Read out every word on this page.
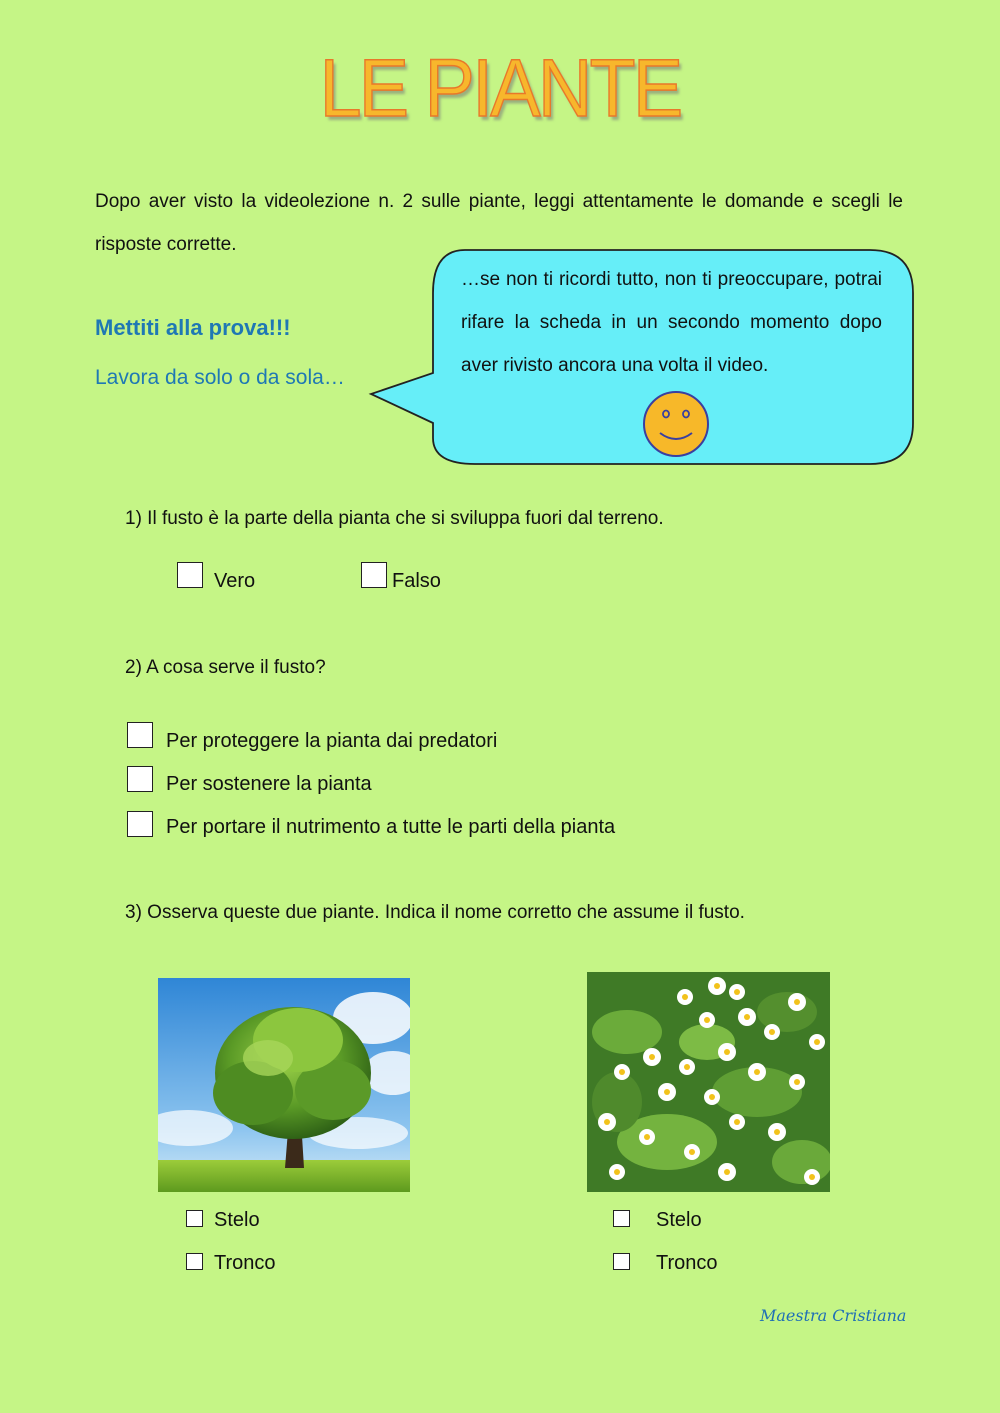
LE PIANTE
Dopo aver visto la videolezione n. 2 sulle piante, leggi attentamente le domande e scegli le risposte corrette.
Mettiti alla prova!!!
Lavora da solo o da sola…
…se non ti ricordi tutto, non ti preoccupare, potrai rifare la scheda in un secondo momento dopo aver rivisto ancora una volta il video.
1) Il fusto è la parte della pianta che si sviluppa fuori dal terreno.
Vero	Falso
2) A cosa serve il fusto?
Per proteggere la pianta dai predatori
Per sostenere la pianta
Per portare il nutrimento a tutte le parti della pianta
3) Osserva queste due piante. Indica il nome corretto che assume il fusto.
Stelo
Tronco
Stelo
Tronco
Maestra Cristiana
